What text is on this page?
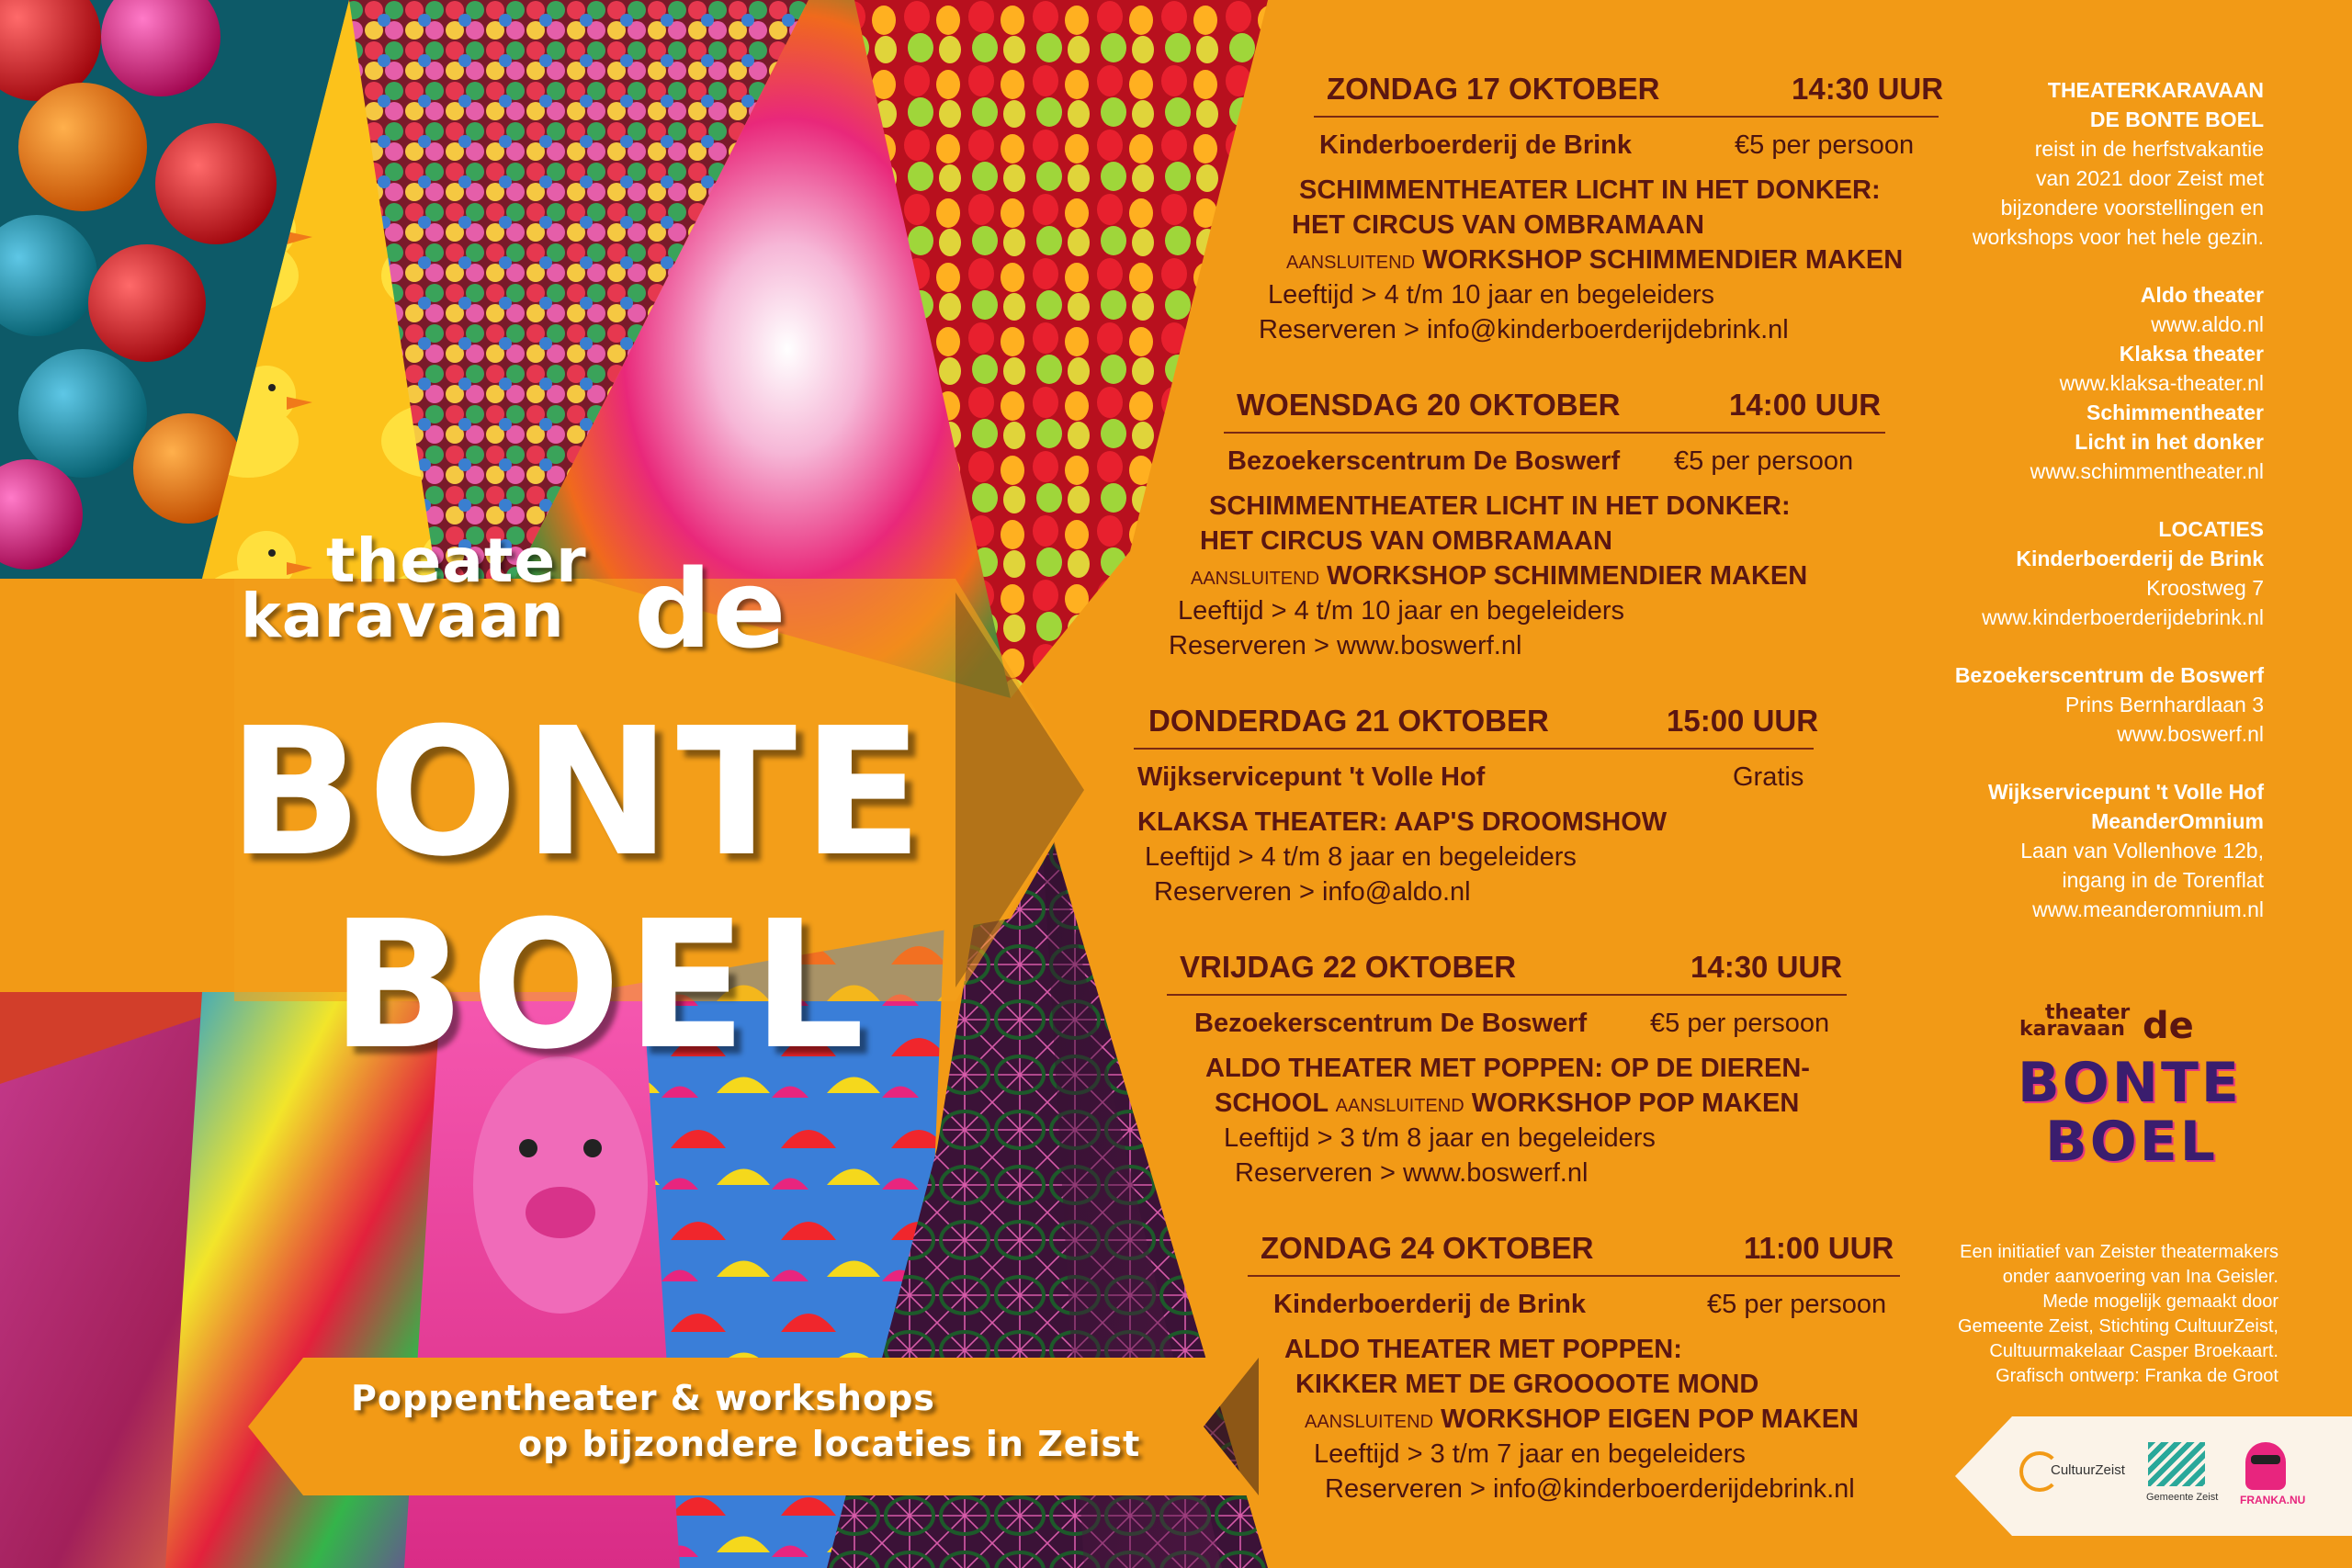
theater
karavaan de
BONTE
BOEL
Poppentheater & workshops
op bijzondere locaties in Zeist
ZONDAG 17 OKTOBER	14:30 UUR
Kinderboerderij de Brink	€5 per persoon
SCHIMMENTHEATER LICHT IN HET DONKER:
HET CIRCUS VAN OMBRAMAAN
AANSLUITEND WORKSHOP SCHIMMENDIER MAKEN
Leeftijd > 4 t/m 10 jaar en begeleiders
Reserveren > info@kinderboerderijdebrink.nl
WOENSDAG 20 OKTOBER	14:00 UUR
Bezoekerscentrum De Boswerf €5 per persoon
SCHIMMENTHEATER LICHT IN HET DONKER:
HET CIRCUS VAN OMBRAMAAN
AANSLUITEND WORKSHOP SCHIMMENDIER MAKEN
Leeftijd > 4 t/m 10 jaar en begeleiders
Reserveren > www.boswerf.nl
DONDERDAG 21 OKTOBER	15:00 UUR
Wijkservicepunt 't Volle Hof	Gratis
KLAKSA THEATER: AAP'S DROOMSHOW
Leeftijd > 4 t/m 8 jaar en begeleiders
Reserveren > info@aldo.nl
VRIJDAG 22 OKTOBER	14:30 UUR
Bezoekerscentrum De Boswerf €5 per persoon
ALDO THEATER MET POPPEN: OP DE DIEREN-
SCHOOL AANSLUITEND WORKSHOP POP MAKEN
Leeftijd > 3 t/m 8 jaar en begeleiders
Reserveren > www.boswerf.nl
ZONDAG 24 OKTOBER	11:00 UUR
Kinderboerderij de Brink	€5 per persoon
ALDO THEATER MET POPPEN:
KIKKER MET DE GROOOOTE MOND
AANSLUITEND WORKSHOP EIGEN POP MAKEN
Leeftijd > 3 t/m 7 jaar en begeleiders
Reserveren > info@kinderboerderijdebrink.nl
THEATERKARAVAAN
DE BONTE BOEL
reist in de herfstvakantie
van 2021 door Zeist met
bijzondere voorstellingen en
workshops voor het hele gezin.
Aldo theater
www.aldo.nl
Klaksa theater
www.klaksa-theater.nl
Schimmentheater
Licht in het donker
www.schimmentheater.nl
LOCATIES
Kinderboerderij de Brink
Kroostweg 7
www.kinderboerderijdebrink.nl
Bezoekerscentrum de Boswerf
Prins Bernhardlaan 3
www.boswerf.nl
Wijkservicepunt 't Volle Hof
MeanderOmnium
Laan van Vollenhove 12b,
ingang in de Torenflat
www.meanderomnium.nl
theater
karavaan de
BONTE
BOEL
Een initiatief van Zeister theatermakers
onder aanvoering van Ina Geisler.
Mede mogelijk gemaakt door
Gemeente Zeist, Stichting CultuurZeist,
Cultuurmakelaar Casper Broekaart.
Grafisch ontwerp: Franka de Groot
CultuurZeist
Gemeente Zeist FRANKA.NU
